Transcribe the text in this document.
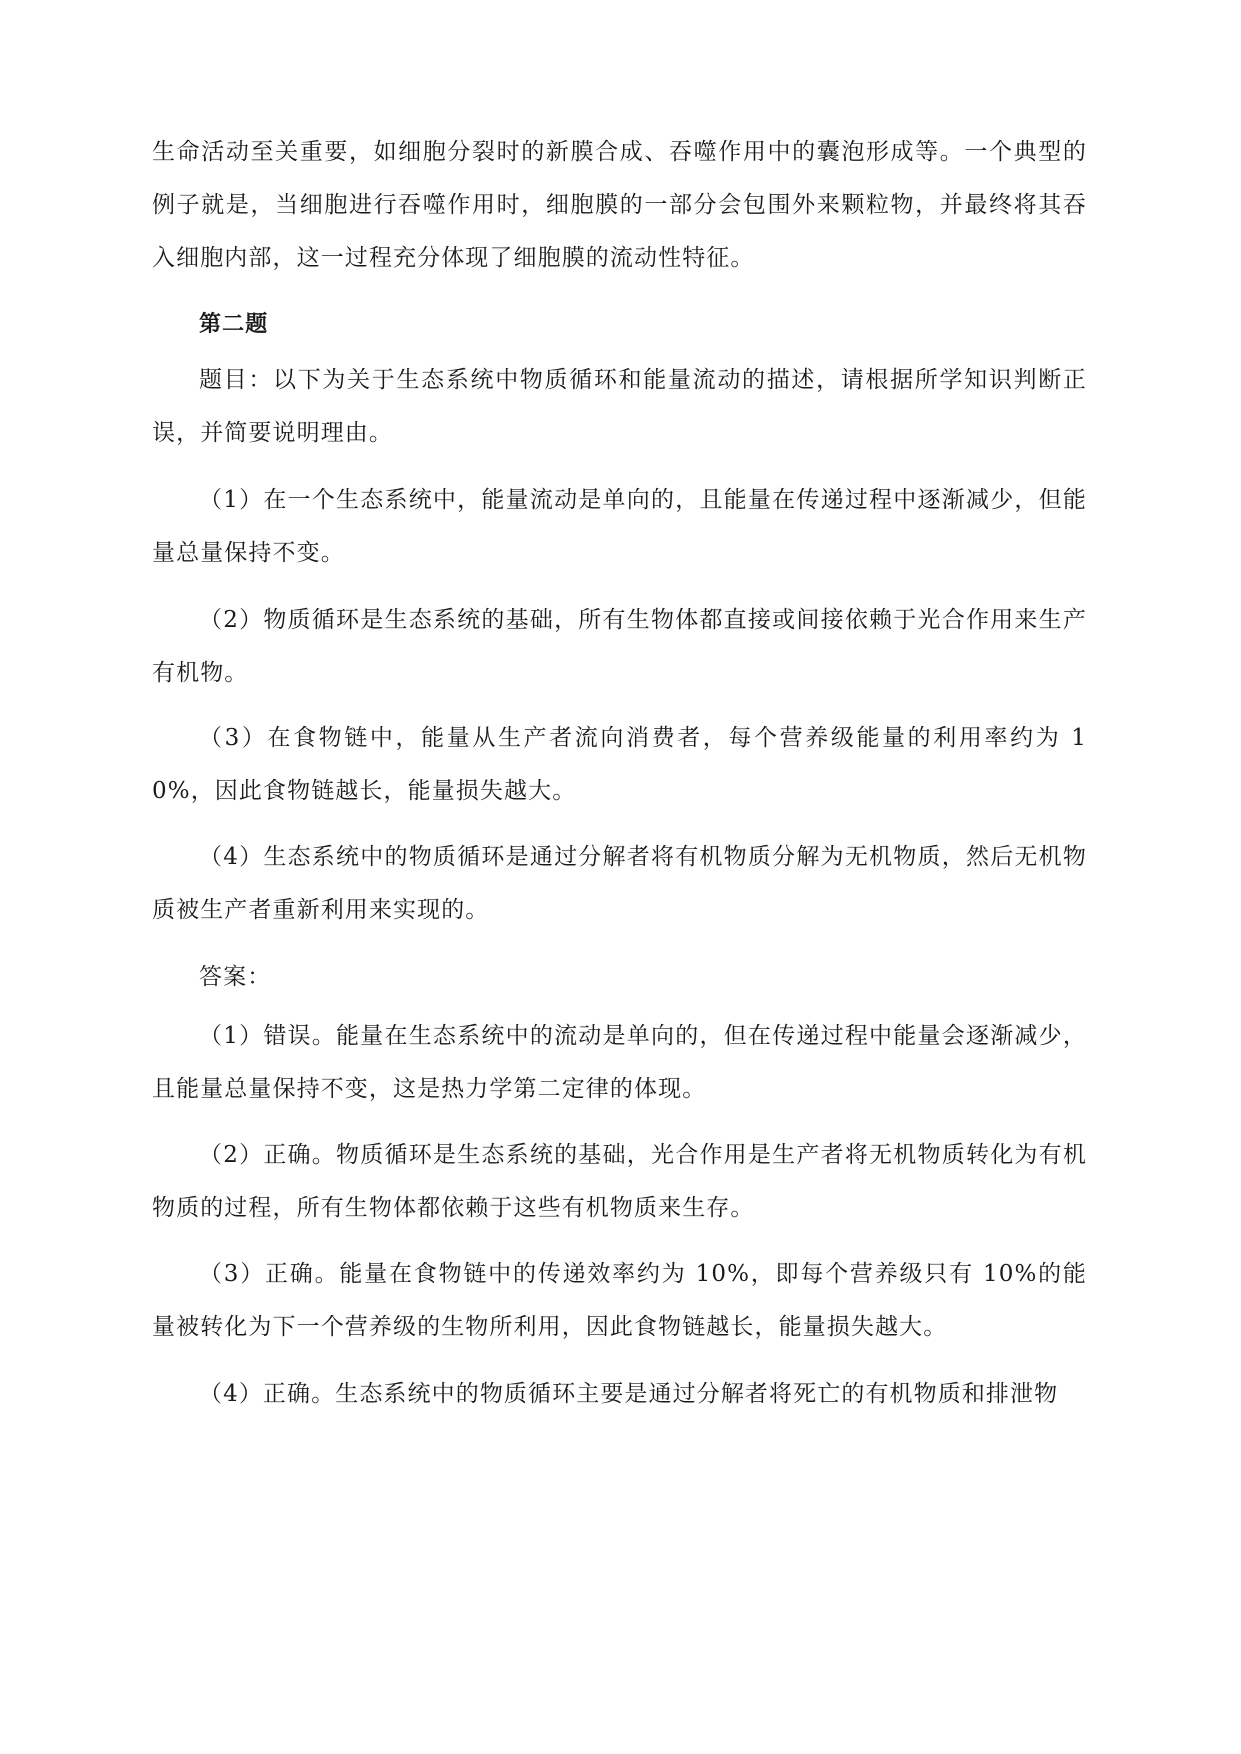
生命活动至关重要，如细胞分裂时的新膜合成、吞噬作用中的囊泡形成等。一个典型的例子就是，当细胞进行吞噬作用时，细胞膜的一部分会包围外来颗粒物，并最终将其吞入细胞内部，这一过程充分体现了细胞膜的流动性特征。

第二题

题目：以下为关于生态系统中物质循环和能量流动的描述，请根据所学知识判断正误，并简要说明理由。

（1）在一个生态系统中，能量流动是单向的，且能量在传递过程中逐渐减少，但能量总量保持不变。

（2）物质循环是生态系统的基础，所有生物体都直接或间接依赖于光合作用来生产有机物。

（3）在食物链中，能量从生产者流向消费者，每个营养级能量的利用率约为 10%，因此食物链越长，能量损失越大。

（4）生态系统中的物质循环是通过分解者将有机物质分解为无机物质，然后无机物质被生产者重新利用来实现的。

答案：

（1）错误。能量在生态系统中的流动是单向的，但在传递过程中能量会逐渐减少，且能量总量保持不变，这是热力学第二定律的体现。

（2）正确。物质循环是生态系统的基础，光合作用是生产者将无机物质转化为有机物质的过程，所有生物体都依赖于这些有机物质来生存。

（3）正确。能量在食物链中的传递效率约为 10%，即每个营养级只有 10%的能量被转化为下一个营养级的生物所利用，因此食物链越长，能量损失越大。

（4）正确。生态系统中的物质循环主要是通过分解者将死亡的有机物质和排泄物
